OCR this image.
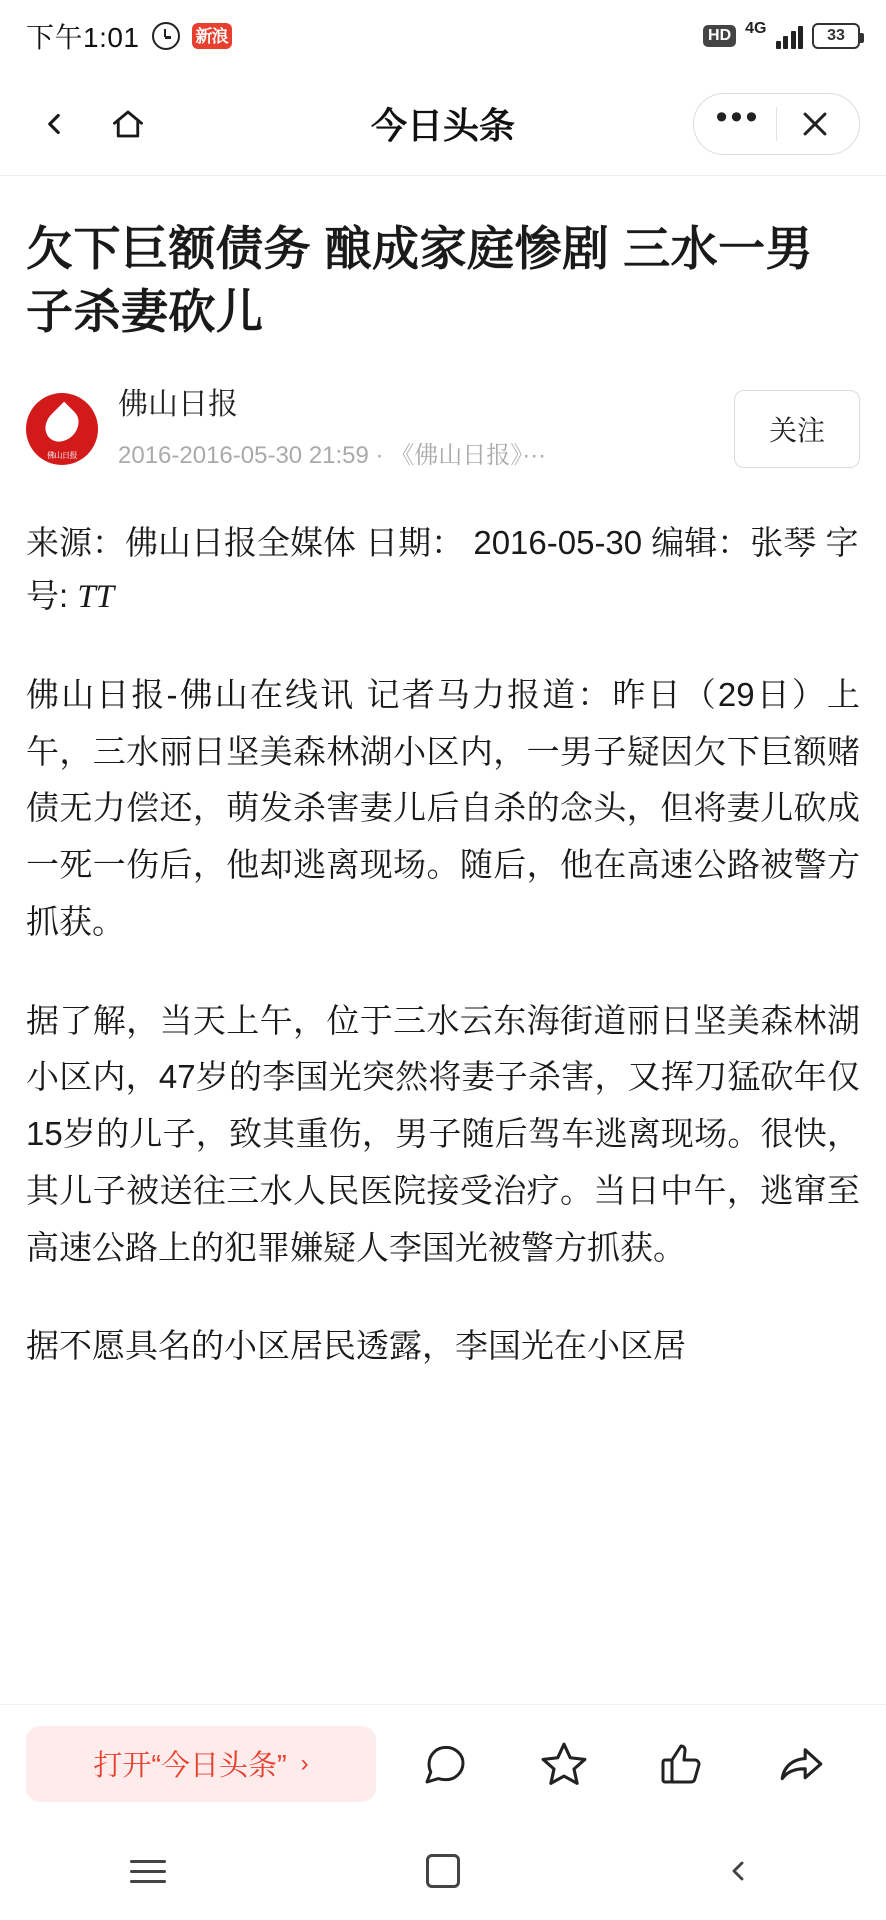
下午1:01	新浪	HD 4G	33
今日头条	•••
欠下巨额债务 酿成家庭惨剧 三水一男子杀妻砍儿
佛山日报
佛山日报
2016-2016-05-30 21:59 · 《佛山日报》···
关注
来源：佛山日报全媒体 日期： 2016-05-30 编辑：张琴 字号: TT

佛山日报-佛山在线讯 记者马力报道：昨日（29日）上午，三水丽日坚美森林湖小区内，一男子疑因欠下巨额赌债无力偿还，萌发杀害妻儿后自杀的念头，但将妻儿砍成一死一伤后，他却逃离现场。随后，他在高速公路被警方抓获。

据了解，当天上午，位于三水云东海街道丽日坚美森林湖小区内，47岁的李国光突然将妻子杀害，又挥刀猛砍年仅15岁的儿子，致其重伤，男子随后驾车逃离现场。很快，其儿子被送往三水人民医院接受治疗。当日中午，逃窜至高速公路上的犯罪嫌疑人李国光被警方抓获。

据不愿具名的小区居民透露，李国光在小区居

打开“今日头条” ›
